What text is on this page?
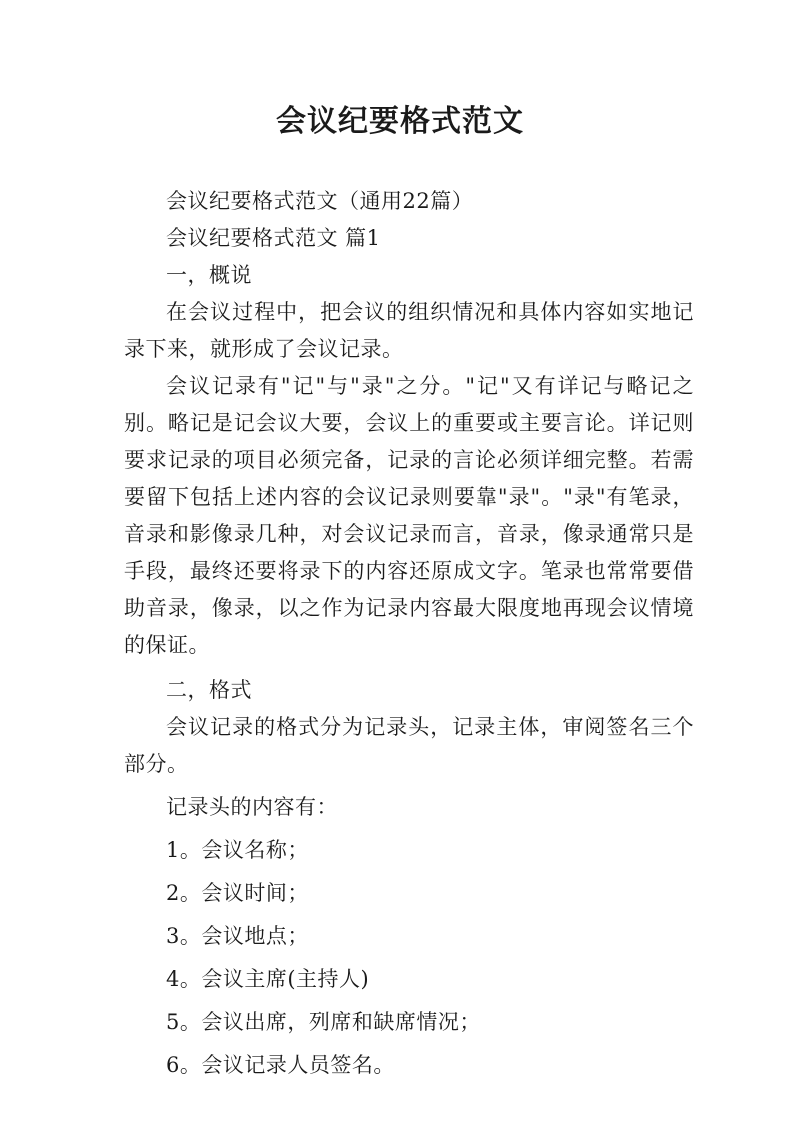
会议纪要格式范文

会议纪要格式范文（通用22篇）

会议纪要格式范文 篇1

一，概说

在会议过程中，把会议的组织情况和具体内容如实地记录下来，就形成了会议记录。

会议记录有"记"与"录"之分。"记"又有详记与略记之别。略记是记会议大要，会议上的重要或主要言论。详记则要求记录的项目必须完备，记录的言论必须详细完整。若需要留下包括上述内容的会议记录则要靠"录"。"录"有笔录，音录和影像录几种，对会议记录而言，音录，像录通常只是手段，最终还要将录下的内容还原成文字。笔录也常常要借助音录，像录，以之作为记录内容最大限度地再现会议情境的保证。

二，格式

会议记录的格式分为记录头，记录主体，审阅签名三个部分。

记录头的内容有：

1。会议名称；

2。会议时间；

3。会议地点；

4。会议主席(主持人)

5。会议出席，列席和缺席情况；

6。会议记录人员签名。
